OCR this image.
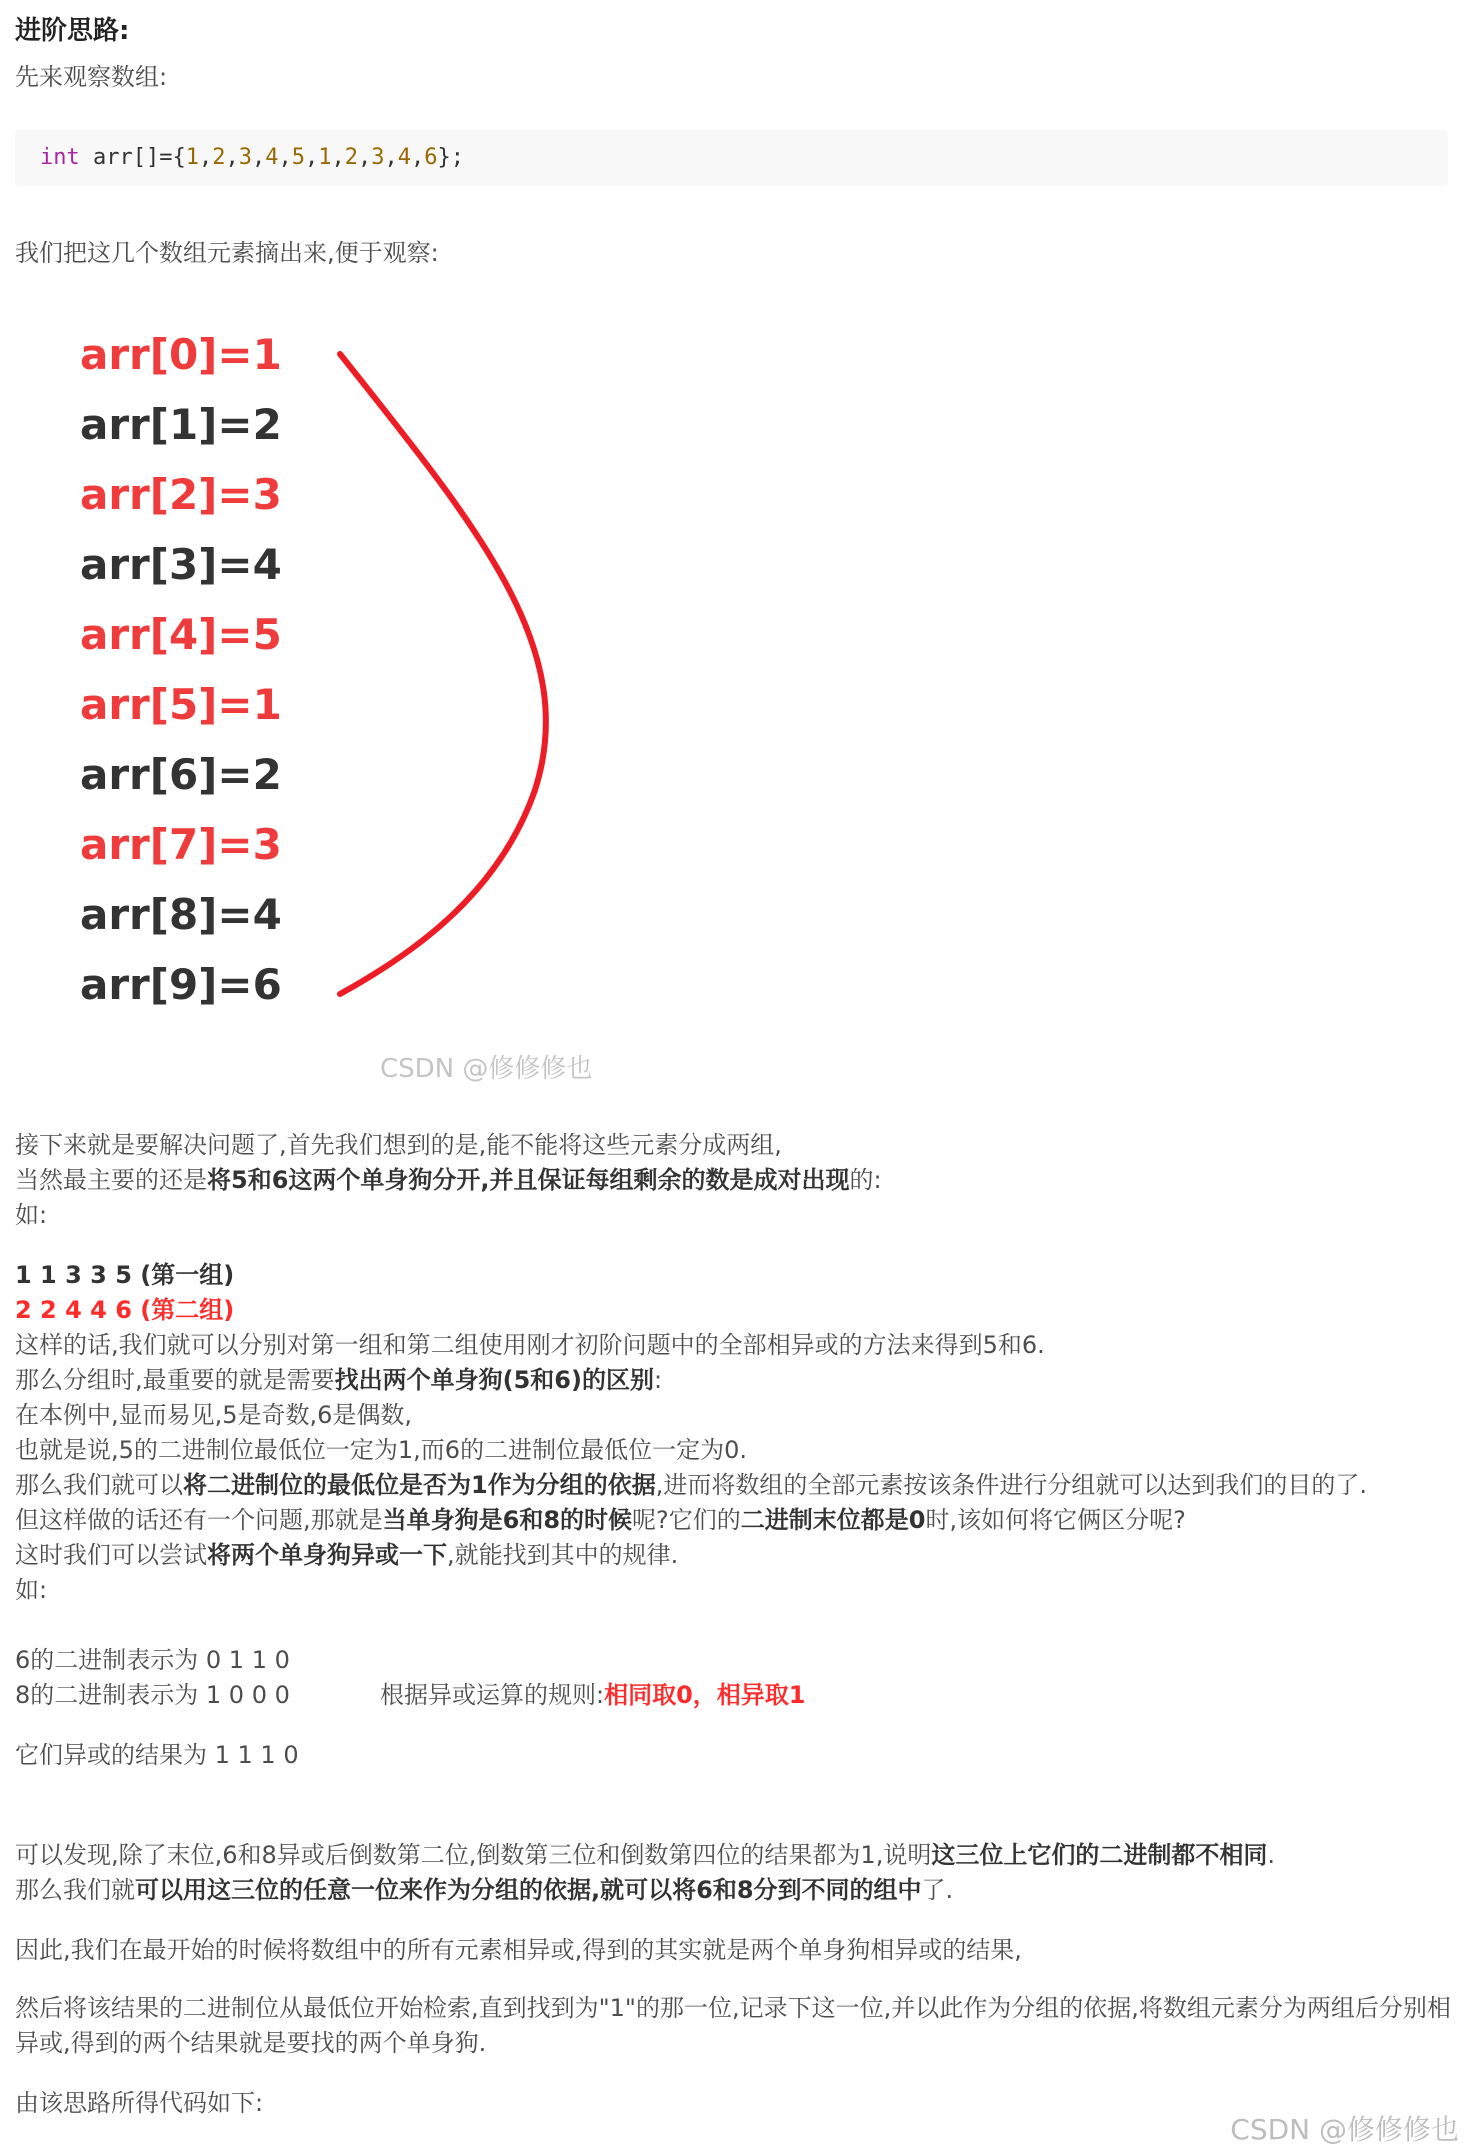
进阶思路:
先来观察数组:
int arr[]={1,2,3,4,5,1,2,3,4,6};
我们把这几个数组元素摘出来,便于观察:
arr[0]=1
arr[1]=2
arr[2]=3
arr[3]=4
arr[4]=5
arr[5]=1
arr[6]=2
arr[7]=3
arr[8]=4
arr[9]=6
CSDN @修修修也
接下来就是要解决问题了,首先我们想到的是,能不能将这些元素分成两组,
当然最主要的还是将5和6这两个单身狗分开,并且保证每组剩余的数是成对出现的:
如:
1 1 3 3 5 (第一组)
2 2 4 4 6 (第二组)
这样的话,我们就可以分别对第一组和第二组使用刚才初阶问题中的全部相异或的方法来得到5和6.
那么分组时,最重要的就是需要找出两个单身狗(5和6)的区别:
在本例中,显而易见,5是奇数,6是偶数,
也就是说,5的二进制位最低位一定为1,而6的二进制位最低位一定为0.
那么我们就可以将二进制位的最低位是否为1作为分组的依据,进而将数组的全部元素按该条件进行分组就可以达到我们的目的了.
但这样做的话还有一个问题,那就是当单身狗是6和8的时候呢?它们的二进制末位都是0时,该如何将它俩区分呢?
这时我们可以尝试将两个单身狗异或一下,就能找到其中的规律.
如:
6的二进制表示为 0 1 1 0
8的二进制表示为 1 0 0 0	根据异或运算的规则:相同取0，相异取1
它们异或的结果为 1 1 1 0
可以发现,除了末位,6和8异或后倒数第二位,倒数第三位和倒数第四位的结果都为1,说明这三位上它们的二进制都不相同.
那么我们就可以用这三位的任意一位来作为分组的依据,就可以将6和8分到不同的组中了.
因此,我们在最开始的时候将数组中的所有元素相异或,得到的其实就是两个单身狗相异或的结果,
然后将该结果的二进制位从最低位开始检索,直到找到为"1"的那一位,记录下这一位,并以此作为分组的依据,将数组元素分为两组后分别相
异或,得到的两个结果就是要找的两个单身狗.
由该思路所得代码如下:
CSDN @修修修也
